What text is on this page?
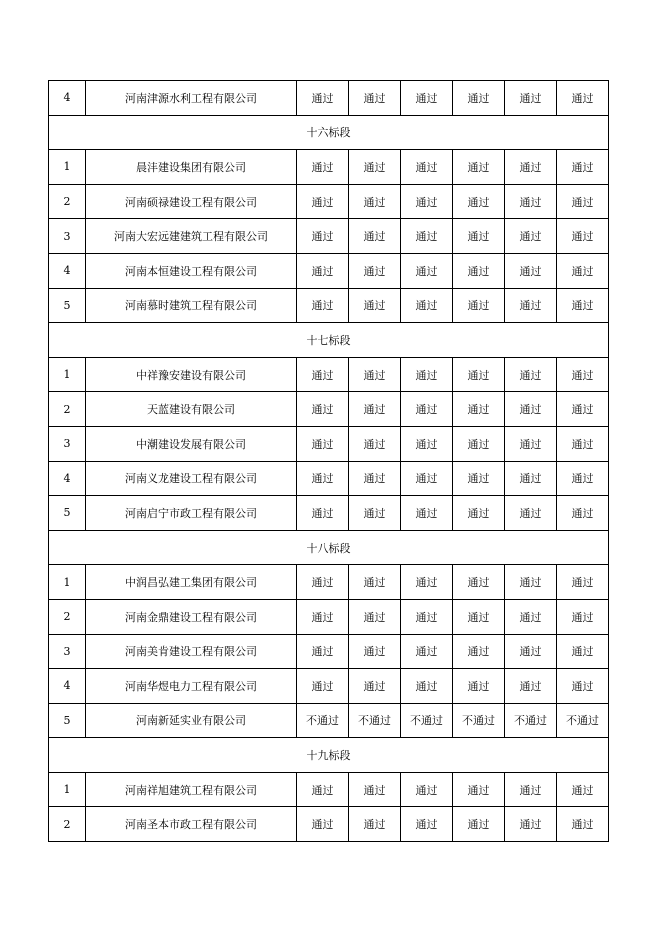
4	河南津源水利工程有限公司	通过	通过	通过	通过	通过	通过
十六标段							
1	晨沣建设集团有限公司	通过	通过	通过	通过	通过	通过
2	河南硕禄建设工程有限公司	通过	通过	通过	通过	通过	通过
3	河南大宏远建建筑工程有限公司	通过	通过	通过	通过	通过	通过
4	河南本恒建设工程有限公司	通过	通过	通过	通过	通过	通过
5	河南慕时建筑工程有限公司	通过	通过	通过	通过	通过	通过
十七标段							
1	中祥豫安建设有限公司	通过	通过	通过	通过	通过	通过
2	天蓝建设有限公司	通过	通过	通过	通过	通过	通过
3	中潮建设发展有限公司	通过	通过	通过	通过	通过	通过
4	河南义龙建设工程有限公司	通过	通过	通过	通过	通过	通过
5	河南启宁市政工程有限公司	通过	通过	通过	通过	通过	通过
十八标段							
1	中润昌弘建工集团有限公司	通过	通过	通过	通过	通过	通过
2	河南金鼎建设工程有限公司	通过	通过	通过	通过	通过	通过
3	河南美肯建设工程有限公司	通过	通过	通过	通过	通过	通过
4	河南华煜电力工程有限公司	通过	通过	通过	通过	通过	通过
5	河南新延实业有限公司	不通过	不通过	不通过	不通过	不通过	不通过
十九标段							
1	河南祥旭建筑工程有限公司	通过	通过	通过	通过	通过	通过
2	河南圣本市政工程有限公司	通过	通过	通过	通过	通过	通过
